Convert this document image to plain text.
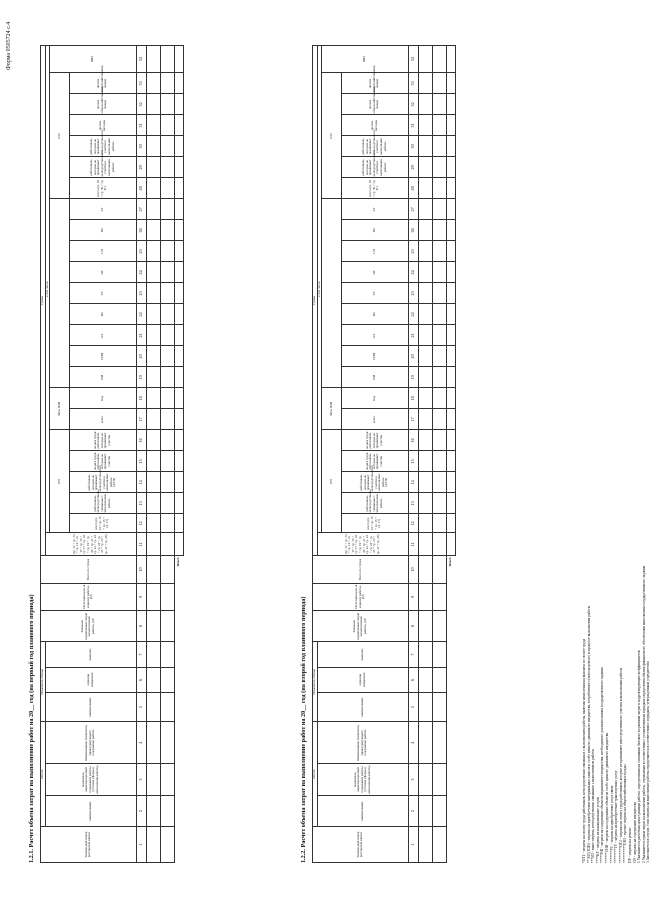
Форма 0505724 с.4
1.2.1. Расчет объема затрат на выполнение работ на 20__ год (на первый год планового периода)	Уникальный номер реестровой записи	Работа			Показатель объема			Значение нормативных затрат на выполнение работы, руб	Расчетная цена за единицу работы, руб	Всего по строке	Сумма																							
	наименование	показатель, характеризующий содержание работы (условия (формы) выполнения работы)	Наименование показателя, характеризующего содержание работы	наименование	единица измерения	значение				(гр. 12 + гр. 13 + гр. 14 + гр. 15 + гр. 16 + гр. 17 + гр. 18 + гр. 19 + гр. 20 + гр. 21 + гр. 22 + гр. 23 + гр. 24 + гр. 25 + гр. 26 + гр. 27 + гр. 28)	в том числе																						
											ОТ1					МЗ и ПЗИ											ОТ2						ПНЗ
											всего (гр. 14 + гр. 15 + гр. 16 + гр. 17)	работников, непосредственно связанных с выполнением работы	работников, которые не принимают непосредственного участия в выполнении работы (АУП)	оплата труда работников, которые не принимают участия	оплата труда работников, которые не принимают участия	всего	Код	НИ	СНИ	КУ	ИЗ	ТУ	ПР	СН	ИЗ	ТУ	всего (гр. 29 + гр. 30 + гр. 31)	работников, которые не принимают непосредственного участия в выполнении работы	работников, которые не принимают непосредственного участия в выполнении работы	прочие расходы	прочие общехозяйственные нужды	прочие общехозяйственные нужды	
1	2	3	4	5	6	7	8	9	10	11	12	13	14	15	16	17	18	19	20	21	22	23	24	25	26	27	28	29	30	31	32	33	34

Итого																																	
1.2.2. Расчет объема затрат на выполнение работ на 20__ год (на второй год планового периода)	Уникальный номер реестровой записи	Работа			Показатель объема			Значение нормативных затрат на выполнение работы, руб	Расчетная цена за единицу работы, руб	Всего по строке	Сумма																							
	наименование	показатель, характеризующий содержание работы (условия (формы) выполнения работы)	Наименование показателя, характеризующего содержание работы	наименование	единица измерения	значение				(гр. 12 + гр. 13 + гр. 14 + гр. 15 + гр. 16 + гр. 17 + гр. 18 + гр. 19 + гр. 20 + гр. 21 + гр. 22 + гр. 23 + гр. 24 + гр. 25 + гр. 26 + гр. 27 + гр. 28)	в том числе																						
											ОТ1					МЗ и ПЗИ											ОТ2						ПНЗ
											всего (гр. 14 + гр. 15 + гр. 16 + гр. 17)	работников, непосредственно связанных с выполнением работы	работников, которые не принимают непосредственного участия в выполнении работы (АУП)	оплата труда работников, которые не принимают участия	оплата труда работников, которые не принимают участия	всего	Код	НИ	СНИ	КУ	ИЗ	ТУ	ПР	СН	ИЗ	ТУ	всего (гр. 29 + гр. 30 + гр. 31)	работников, которые не принимают непосредственного участия в выполнении работы	работников, которые не принимают непосредственного участия в выполнении работы	прочие расходы	прочие общехозяйственные нужды	прочие общехозяйственные нужды	
1	2	3	4	5	6	7	8	9	10	11	12	13	14	15	16	17	18	19	20	21	22	23	24	25	26	27	28	29	30	31	32	33	34

Итого																																	
*ОТ1 - затраты на оплату труда работников, непосредственно связанных с выполнением работы, включая начисления на выплаты по оплате труда ** МЗ (ПЗИ) - затраты на приобретение материальных запасов и особо ценного движимого имущества, потребляемого (используемого) в процессе выполнения работы ***ИЗ - иные затраты, непосредственно связанные с выполнением работы ****КУ - затраты на коммунальные услуги *****НИ - затраты на содержание объектов недвижимого имущества, необходимого для выполнения государственного задания ******СНИ - затраты на содержание объектов особо ценного движимого имущества *******УС - затраты на приобретение услуг связи ********ТУ - затраты на приобретение транспортных услуг *********ОТ2 - затраты на оплату труда работников, которые не принимают непосредственного участия в выполнении работы **********ПНЗ - прочие затраты на общехозяйственные нужды ПР - затраты на ремонт СН - затраты на содержание имущества 1 Указывается расчетная цена единицы работы, определенная на основании базового норматива затрат и корректирующих коэффициентов 2 Указывается сумма затрат на выполнение работы, отражаемая в соответствии с установленным порядком определения объема финансового обеспечения выполнения государственного задания 3 Заполняется в случае, если затраты на выполнение работы определяются в соответствии с порядком, утвержденным учредителем
